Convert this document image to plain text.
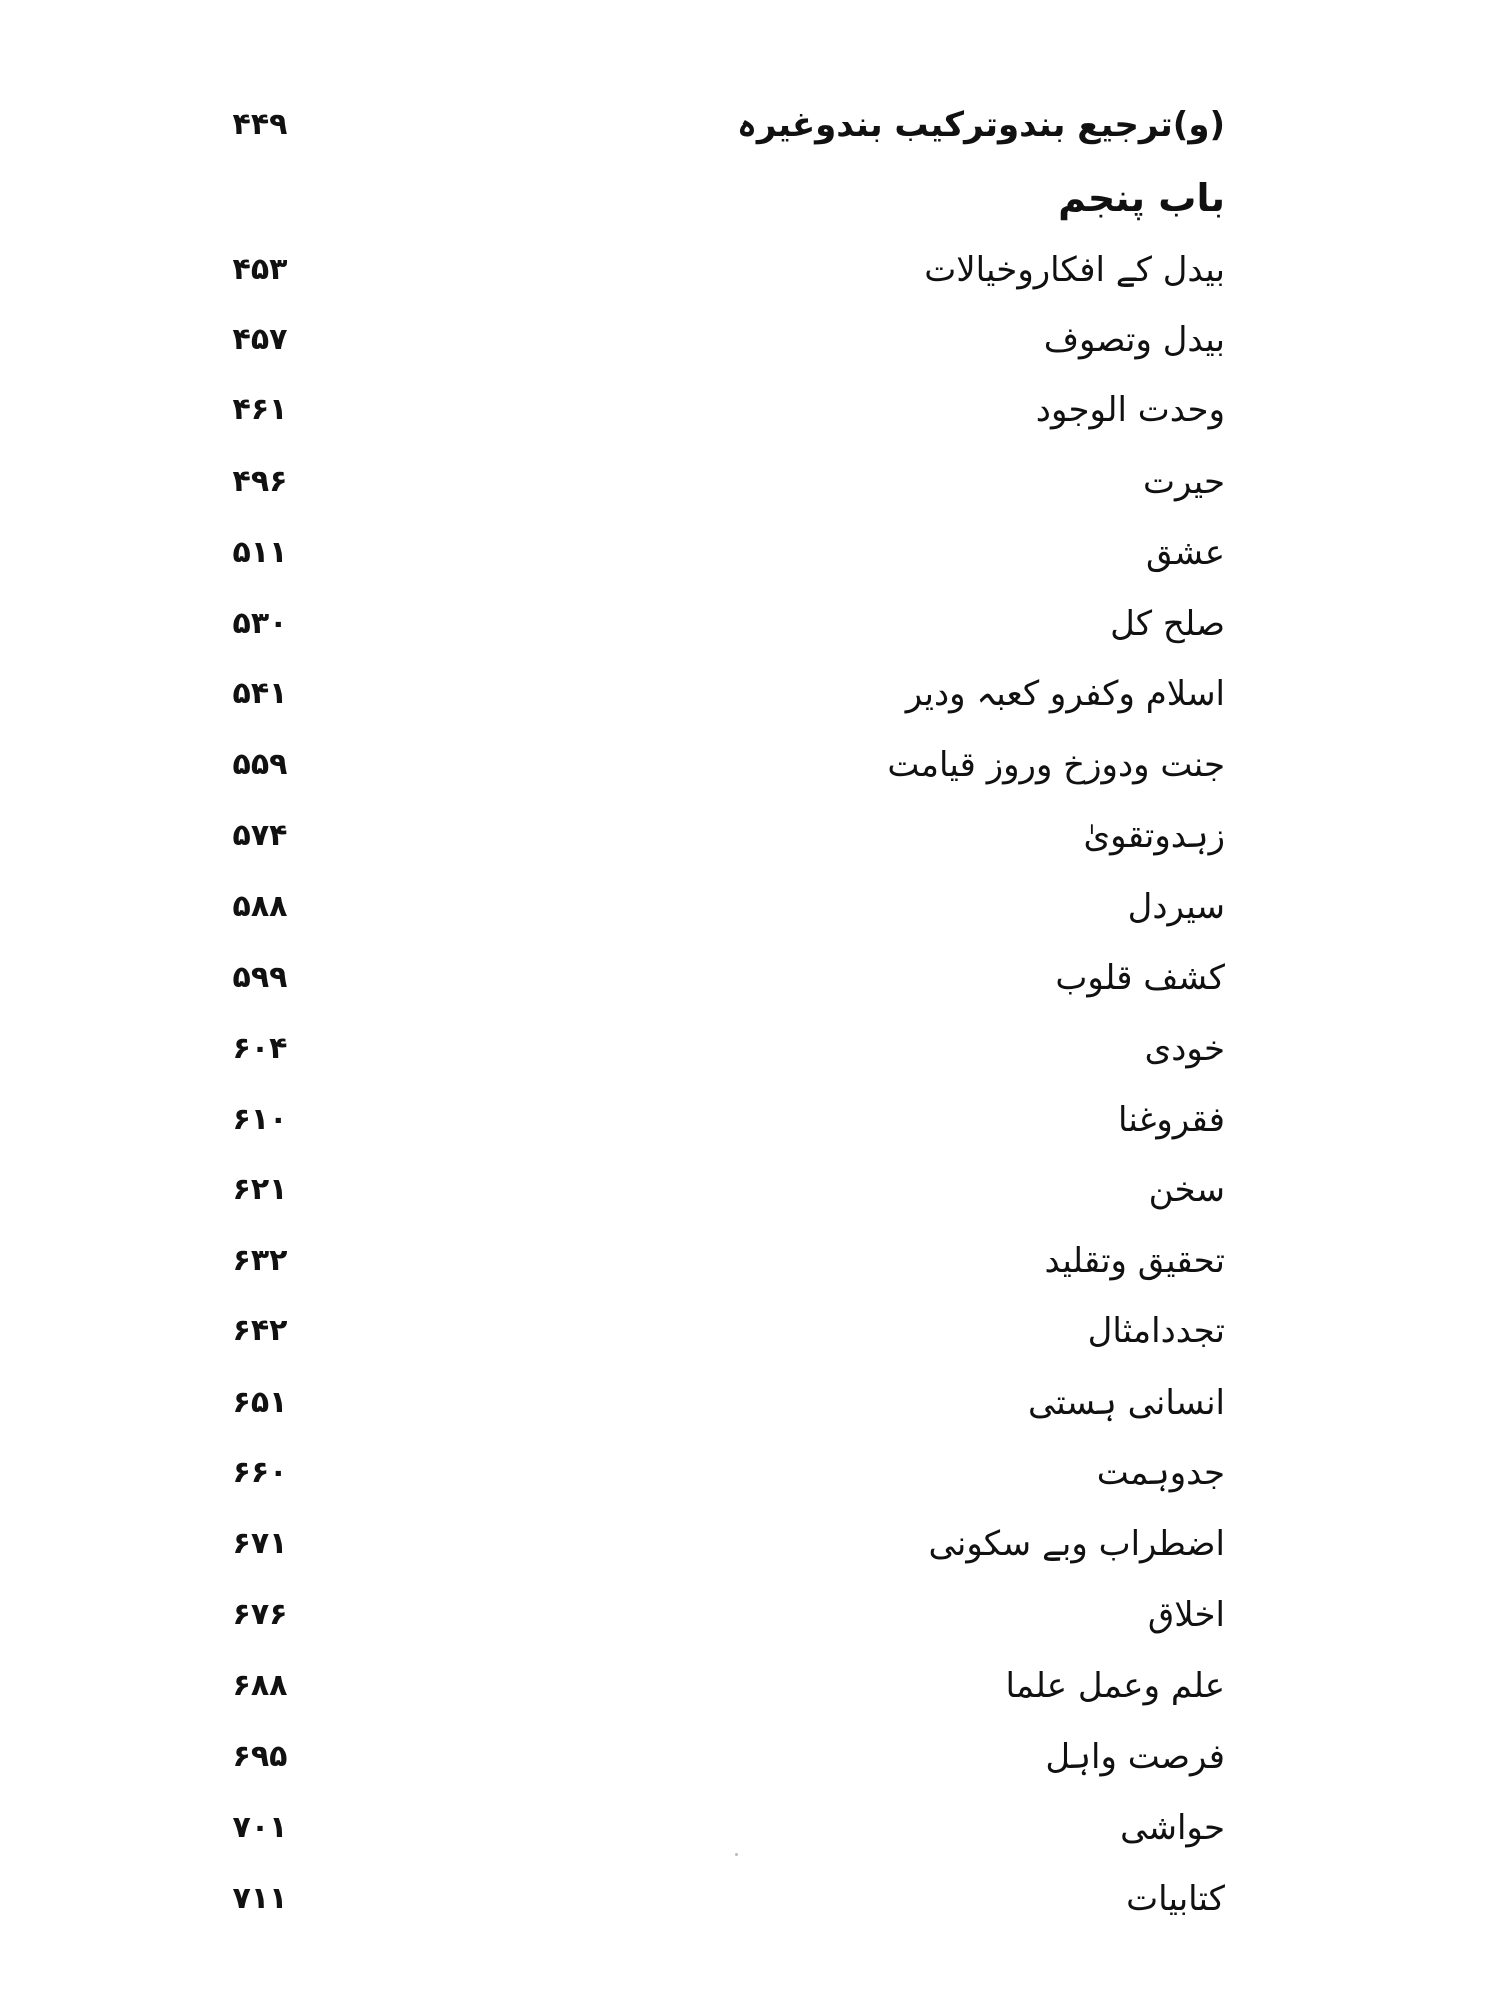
(و)ترجیع بندوترکیب بندوغیرہ
۴۴۹
باب پنجم
بیدل کے افکاروخیالات
۴۵۳
بیدل وتصوف
۴۵۷
وحدت الوجود
۴۶۱
حیرت
۴۹۶
عشق
۵۱۱
صلح کل
۵۳۰
اسلام وکفرو کعبہ ودیر
۵۴۱
جنت ودوزخ وروز قیامت
۵۵۹
زہدوتقویٰ
۵۷۴
سیردل
۵۸۸
کشف قلوب
۵۹۹
خودی
۶۰۴
فقروغنا
۶۱۰
سخن
۶۲۱
تحقیق وتقلید
۶۳۲
تجددامثال
۶۴۲
انسانی ہستی
۶۵۱
جدوہمت
۶۶۰
اضطراب وبے سکونی
۶۷۱
اخلاق
۶۷۶
علم وعمل علما
۶۸۸
فرصت واہل
۶۹۵
حواشی
۷۰۱
کتابیات
۷۱۱
